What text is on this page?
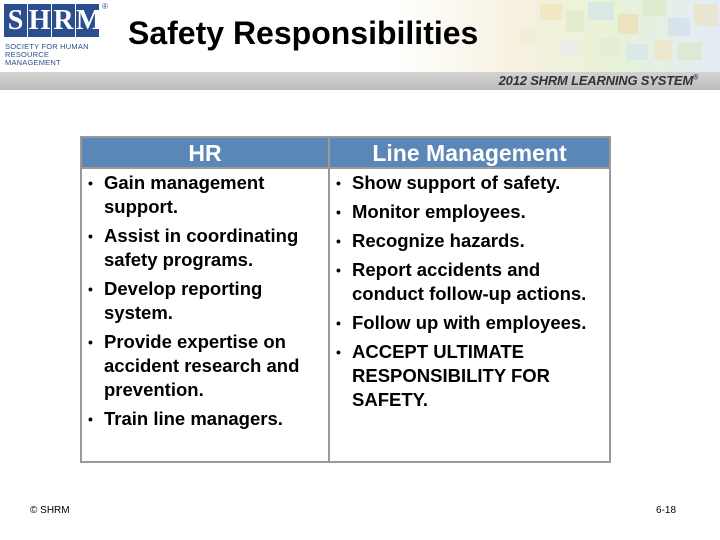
S H R M ®
SOCIETY FOR HUMAN
RESOURCE MANAGEMENT
Safety Responsibilities
2012 SHRM LEARNING SYSTEM®
HR	Line Management
• Gain management support.
• Assist in coordinating safety programs.
• Develop reporting system.
• Provide expertise on accident research and prevention.
• Train line managers.
• Show support of safety.
• Monitor employees.
• Recognize hazards.
• Report accidents and conduct follow-up actions.
• Follow up with employees.
• ACCEPT ULTIMATE RESPONSIBILITY FOR SAFETY.
© SHRM	6-18
